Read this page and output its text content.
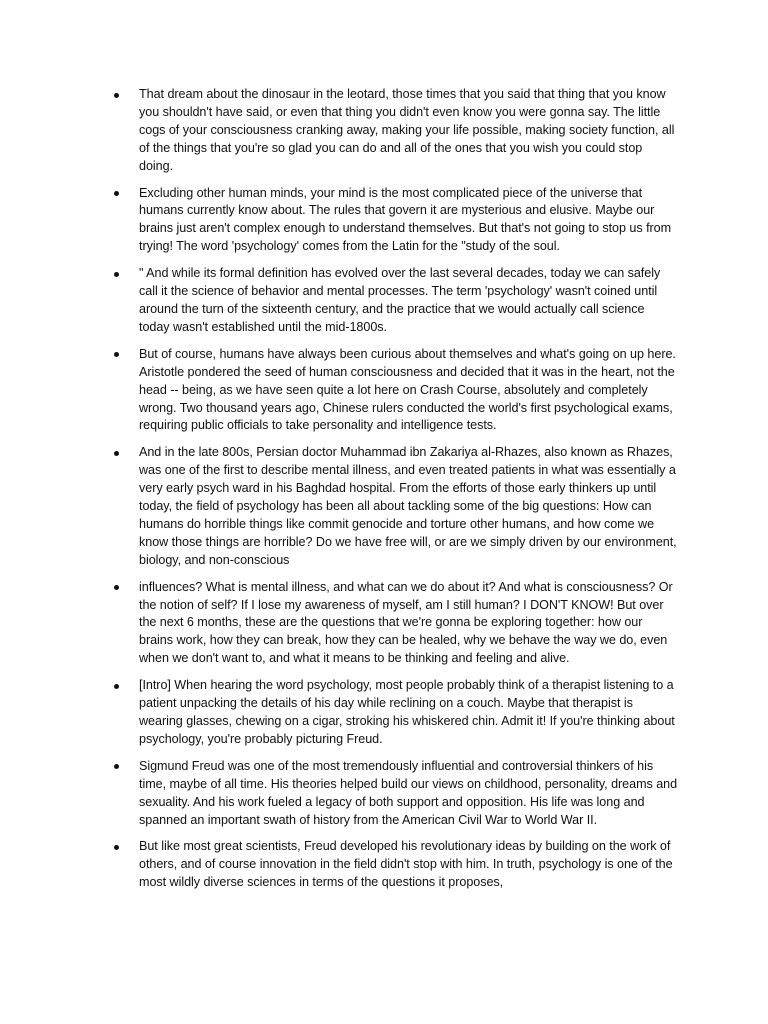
That dream about the dinosaur in the leotard, those times that you said that thing that you know you shouldn't have said, or even that thing you didn't even know you were gonna say. The little cogs of your consciousness cranking away, making your life possible, making society function, all of the things that you're so glad you can do and all of the ones that you wish you could stop doing.
Excluding other human minds, your mind is the most complicated piece of the universe that humans currently know about. The rules that govern it are mysterious and elusive. Maybe our brains just aren't complex enough to understand themselves. But that's not going to stop us from trying! The word 'psychology' comes from the Latin for the "study of the soul.
" And while its formal definition has evolved over the last several decades, today we can safely call it the science of behavior and mental processes. The term 'psychology' wasn't coined until around the turn of the sixteenth century, and the practice that we would actually call science today wasn't established until the mid-1800s.
But of course, humans have always been curious about themselves and what's going on up here. Aristotle pondered the seed of human consciousness and decided that it was in the heart, not the head -- being, as we have seen quite a lot here on Crash Course, absolutely and completely wrong. Two thousand years ago, Chinese rulers conducted the world's first psychological exams, requiring public officials to take personality and intelligence tests.
And in the late 800s, Persian doctor Muhammad ibn Zakariya al-Rhazes, also known as Rhazes, was one of the first to describe mental illness, and even treated patients in what was essentially a very early psych ward in his Baghdad hospital. From the efforts of those early thinkers up until today, the field of psychology has been all about tackling some of the big questions: How can humans do horrible things like commit genocide and torture other humans, and how come we know those things are horrible? Do we have free will, or are we simply driven by our environment, biology, and non-conscious
influences? What is mental illness, and what can we do about it? And what is consciousness? Or the notion of self? If I lose my awareness of myself, am I still human? I DON'T KNOW! But over the next 6 months, these are the questions that we're gonna be exploring together: how our brains work, how they can break, how they can be healed, why we behave the way we do, even when we don't want to, and what it means to be thinking and feeling and alive.
[Intro] When hearing the word psychology, most people probably think of a therapist listening to a patient unpacking the details of his day while reclining on a couch. Maybe that therapist is wearing glasses, chewing on a cigar, stroking his whiskered chin. Admit it! If you're thinking about psychology, you're probably picturing Freud.
Sigmund Freud was one of the most tremendously influential and controversial thinkers of his time, maybe of all time. His theories helped build our views on childhood, personality, dreams and sexuality. And his work fueled a legacy of both support and opposition. His life was long and spanned an important swath of history from the American Civil War to World War II.
But like most great scientists, Freud developed his revolutionary ideas by building on the work of others, and of course innovation in the field didn't stop with him. In truth, psychology is one of the most wildly diverse sciences in terms of the questions it proposes,
